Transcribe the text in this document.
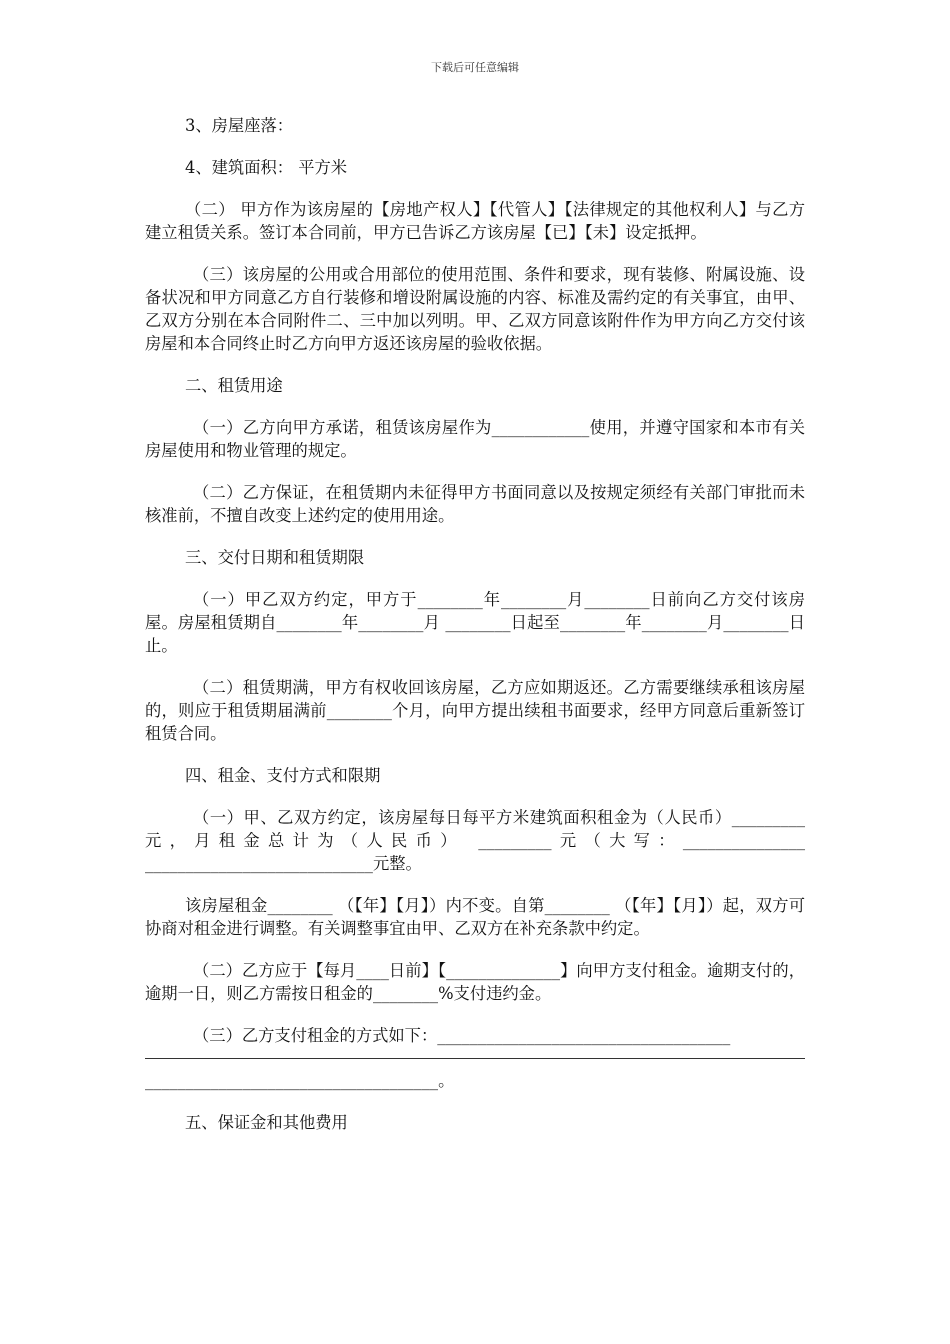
下载后可任意编辑

3、房屋座落：

4、建筑面积： 平方米

（二） 甲方作为该房屋的【房地产权人】【代管人】【法律规定的其他权利人】与乙方建立租赁关系。签订本合同前，甲方已告诉乙方该房屋【已】【未】设定抵押。

（三）该房屋的公用或合用部位的使用范围、条件和要求，现有装修、附属设施、设备状况和甲方同意乙方自行装修和增设附属设施的内容、标准及需约定的有关事宜，由甲、乙双方分别在本合同附件二、三中加以列明。甲、乙双方同意该附件作为甲方向乙方交付该房屋和本合同终止时乙方向甲方返还该房屋的验收依据。

二、租赁用途

（一）乙方向甲方承诺，租赁该房屋作为____________使用，并遵守国家和本市有关房屋使用和物业管理的规定。

（二）乙方保证，在租赁期内未征得甲方书面同意以及按规定须经有关部门审批而未核准前，不擅自改变上述约定的使用用途。

三、交付日期和租赁期限

（一）甲乙双方约定，甲方于________年________月________日前向乙方交付该房屋。房屋租赁期自________年________月 ________日起至________年________月________日止。

（二）租赁期满，甲方有权收回该房屋，乙方应如期返还。乙方需要继续承租该房屋的，则应于租赁期届满前________个月，向甲方提出续租书面要求，经甲方同意后重新签订租赁合同。

四、租金、支付方式和限期

（一）甲、乙双方约定，该房屋每日每平方米建筑面积租金为（人民币）_________元，月租金总计为（人民币） _________元（大写：_______________ ____________________________元整。

该房屋租金________ （【年】【月】）内不变。自第________ （【年】【月】）起，双方可协商对租金进行调整。有关调整事宜由甲、乙双方在补充条款中约定。

（二）乙方应于【每月____日前】【______________】向甲方支付租金。逾期支付的， 逾期一日，则乙方需按日租金的________%支付违约金。

（三）乙方支付租金的方式如下：____________________________________

____________________________________。

五、保证金和其他费用
